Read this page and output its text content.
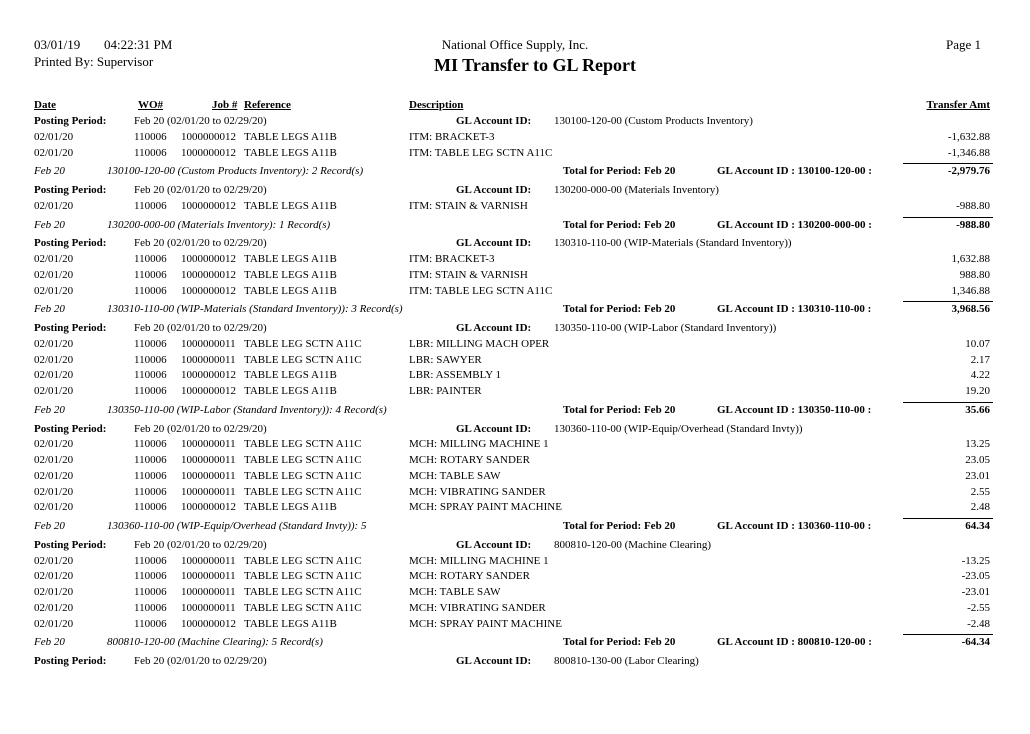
03/01/19 04:22:31 PM
Printed By: Supervisor
National Office Supply, Inc.
MI Transfer to GL Report
Page 1
Date	WO#	Job # Reference	Description	Transfer Amt
Posting Period:	Feb 20 (02/01/20 to 02/29/20)	GL Account ID: 130100-120-00 (Custom Products Inventory)
02/01/20	110006 1000000012 TABLE LEGS A11B	ITM: BRACKET-3	-1,632.88
02/01/20	110006 1000000012 TABLE LEGS A11B	ITM: TABLE LEG SCTN A11C	-1,346.88
Feb 20	130100-120-00 (Custom Products Inventory): 2 Record(s)	Total for Period: Feb 20	GL Account ID : 130100-120-00 :	-2,979.76
Posting Period:	Feb 20 (02/01/20 to 02/29/20)	GL Account ID: 130200-000-00 (Materials Inventory)
02/01/20	110006 1000000012 TABLE LEGS A11B	ITM: STAIN & VARNISH	-988.80
Feb 20	130200-000-00 (Materials Inventory): 1 Record(s)	Total for Period: Feb 20	GL Account ID : 130200-000-00 :	-988.80
Posting Period:	Feb 20 (02/01/20 to 02/29/20)	GL Account ID: 130310-110-00 (WIP-Materials (Standard Inventory))
02/01/20	110006 1000000012 TABLE LEGS A11B	ITM: BRACKET-3	1,632.88
02/01/20	110006 1000000012 TABLE LEGS A11B	ITM: STAIN & VARNISH	988.80
02/01/20	110006 1000000012 TABLE LEGS A11B	ITM: TABLE LEG SCTN A11C	1,346.88
Feb 20	130310-110-00 (WIP-Materials (Standard Inventory)): 3 Record(s)	Total for Period: Feb 20	GL Account ID : 130310-110-00 :	3,968.56
Posting Period:	Feb 20 (02/01/20 to 02/29/20)	GL Account ID: 130350-110-00 (WIP-Labor (Standard Inventory))
02/01/20	110006 1000000011 TABLE LEG SCTN A11C	LBR: MILLING MACH OPER	10.07
02/01/20	110006 1000000011 TABLE LEG SCTN A11C	LBR: SAWYER	2.17
02/01/20	110006 1000000012 TABLE LEGS A11B	LBR: ASSEMBLY 1	4.22
02/01/20	110006 1000000012 TABLE LEGS A11B	LBR: PAINTER	19.20
Feb 20	130350-110-00 (WIP-Labor (Standard Inventory)): 4 Record(s)	Total for Period: Feb 20	GL Account ID : 130350-110-00 :	35.66
Posting Period:	Feb 20 (02/01/20 to 02/29/20)	GL Account ID: 130360-110-00 (WIP-Equip/Overhead (Standard Invty))
02/01/20	110006 1000000011 TABLE LEG SCTN A11C	MCH: MILLING MACHINE 1	13.25
02/01/20	110006 1000000011 TABLE LEG SCTN A11C	MCH: ROTARY SANDER	23.05
02/01/20	110006 1000000011 TABLE LEG SCTN A11C	MCH: TABLE SAW	23.01
02/01/20	110006 1000000011 TABLE LEG SCTN A11C	MCH: VIBRATING SANDER	2.55
02/01/20	110006 1000000012 TABLE LEGS A11B	MCH: SPRAY PAINT MACHINE	2.48
Feb 20	130360-110-00 (WIP-Equip/Overhead (Standard Invty)): 5	Total for Period: Feb 20	GL Account ID : 130360-110-00 :	64.34
Posting Period:	Feb 20 (02/01/20 to 02/29/20)	GL Account ID: 800810-120-00 (Machine Clearing)
02/01/20	110006 1000000011 TABLE LEG SCTN A11C	MCH: MILLING MACHINE 1	-13.25
02/01/20	110006 1000000011 TABLE LEG SCTN A11C	MCH: ROTARY SANDER	-23.05
02/01/20	110006 1000000011 TABLE LEG SCTN A11C	MCH: TABLE SAW	-23.01
02/01/20	110006 1000000011 TABLE LEG SCTN A11C	MCH: VIBRATING SANDER	-2.55
02/01/20	110006 1000000012 TABLE LEGS A11B	MCH: SPRAY PAINT MACHINE	-2.48
Feb 20	800810-120-00 (Machine Clearing): 5 Record(s)	Total for Period: Feb 20	GL Account ID : 800810-120-00 :	-64.34
Posting Period:	Feb 20 (02/01/20 to 02/29/20)	GL Account ID: 800810-130-00 (Labor Clearing)
